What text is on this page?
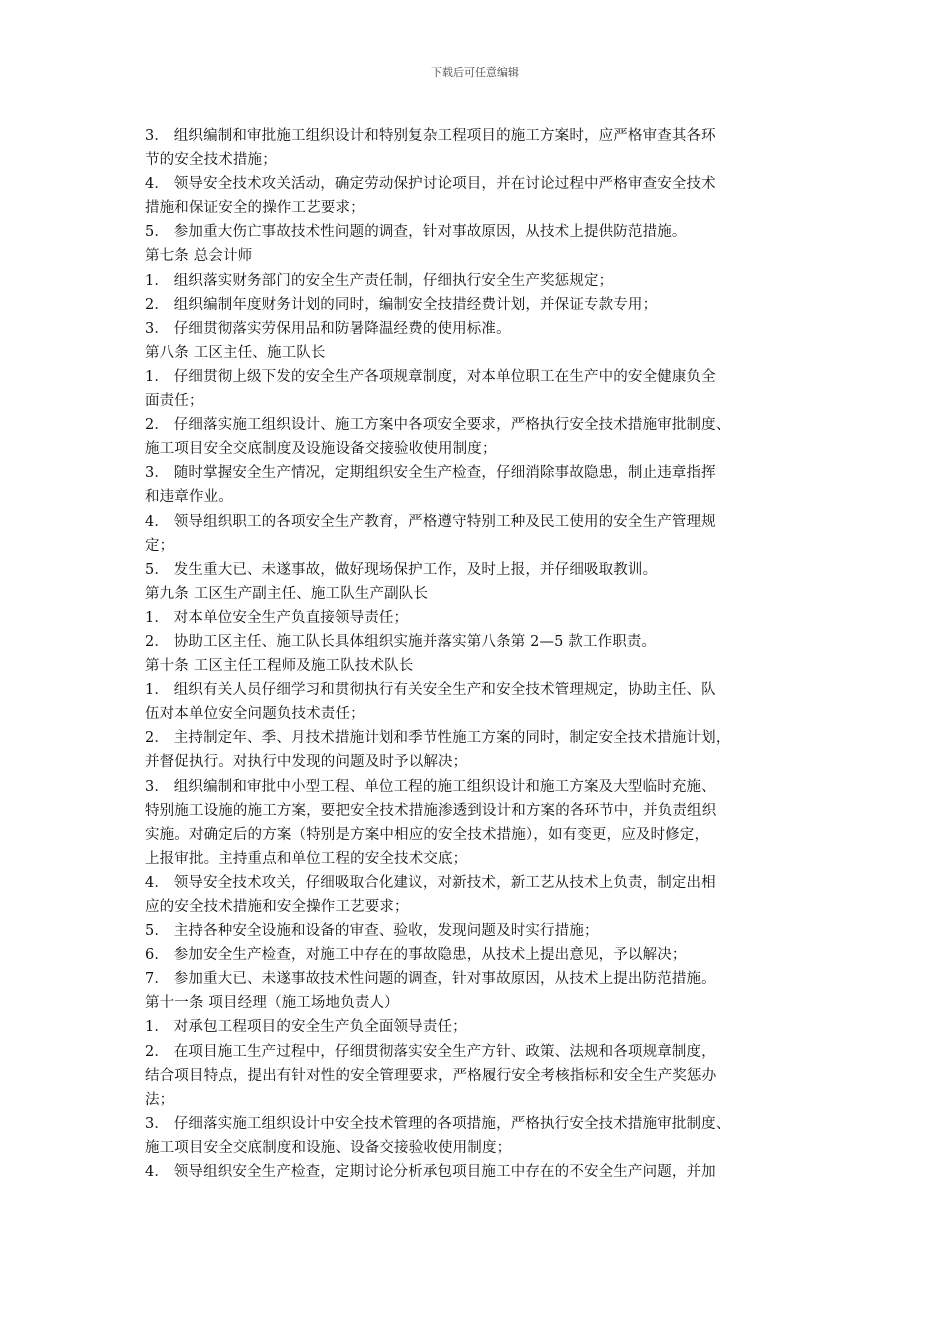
下载后可任意编辑
3． 组织编制和审批施工组织设计和特别复杂工程项目的施工方案时，应严格审查其各环
节的安全技术措施；
4． 领导安全技术攻关活动，确定劳动保护讨论项目，并在讨论过程中严格审查安全技术
措施和保证安全的操作工艺要求；
5． 参加重大伤亡事故技术性问题的调查，针对事故原因，从技术上提供防范措施。
第七条 总会计师
1． 组织落实财务部门的安全生产责任制，仔细执行安全生产奖惩规定；
2． 组织编制年度财务计划的同时，编制安全技措经费计划，并保证专款专用；
3． 仔细贯彻落实劳保用品和防暑降温经费的使用标准。
第八条 工区主任、施工队长
1． 仔细贯彻上级下发的安全生产各项规章制度，对本单位职工在生产中的安全健康负全
面责任；
2． 仔细落实施工组织设计、施工方案中各项安全要求，严格执行安全技术措施审批制度、
施工项目安全交底制度及设施设备交接验收使用制度；
3． 随时掌握安全生产情况，定期组织安全生产检查，仔细消除事故隐患，制止违章指挥
和违章作业。
4． 领导组织职工的各项安全生产教育，严格遵守特别工种及民工使用的安全生产管理规
定；
5． 发生重大已、未遂事故，做好现场保护工作，及时上报，并仔细吸取教训。
第九条 工区生产副主任、施工队生产副队长
1． 对本单位安全生产负直接领导责任；
2． 协助工区主任、施工队长具体组织实施并落实第八条第 2—5 款工作职责。
第十条 工区主任工程师及施工队技术队长
1． 组织有关人员仔细学习和贯彻执行有关安全生产和安全技术管理规定，协助主任、队
伍对本单位安全问题负技术责任；
2． 主持制定年、季、月技术措施计划和季节性施工方案的同时，制定安全技术措施计划，
并督促执行。对执行中发现的问题及时予以解决；
3． 组织编制和审批中小型工程、单位工程的施工组织设计和施工方案及大型临时充施、
特别施工设施的施工方案，要把安全技术措施渗透到设计和方案的各环节中，并负责组织
实施。对确定后的方案（特别是方案中相应的安全技术措施），如有变更，应及时修定，
上报审批。主持重点和单位工程的安全技术交底；
4． 领导安全技术攻关，仔细吸取合化建议，对新技术，新工艺从技术上负责，制定出相
应的安全技术措施和安全操作工艺要求；
5． 主持各种安全设施和设备的审查、验收，发现问题及时实行措施；
6． 参加安全生产检查，对施工中存在的事故隐患，从技术上提出意见，予以解决；
7． 参加重大已、未遂事故技术性问题的调查，针对事故原因，从技术上提出防范措施。
第十一条 项目经理（施工场地负责人）
1． 对承包工程项目的安全生产负全面领导责任；
2． 在项目施工生产过程中，仔细贯彻落实安全生产方针、政策、法规和各项规章制度，
结合项目特点，提出有针对性的安全管理要求，严格履行安全考核指标和安全生产奖惩办
法；
3． 仔细落实施工组织设计中安全技术管理的各项措施，严格执行安全技术措施审批制度、
施工项目安全交底制度和设施、设备交接验收使用制度；
4． 领导组织安全生产检查，定期讨论分析承包项目施工中存在的不安全生产问题，并加
